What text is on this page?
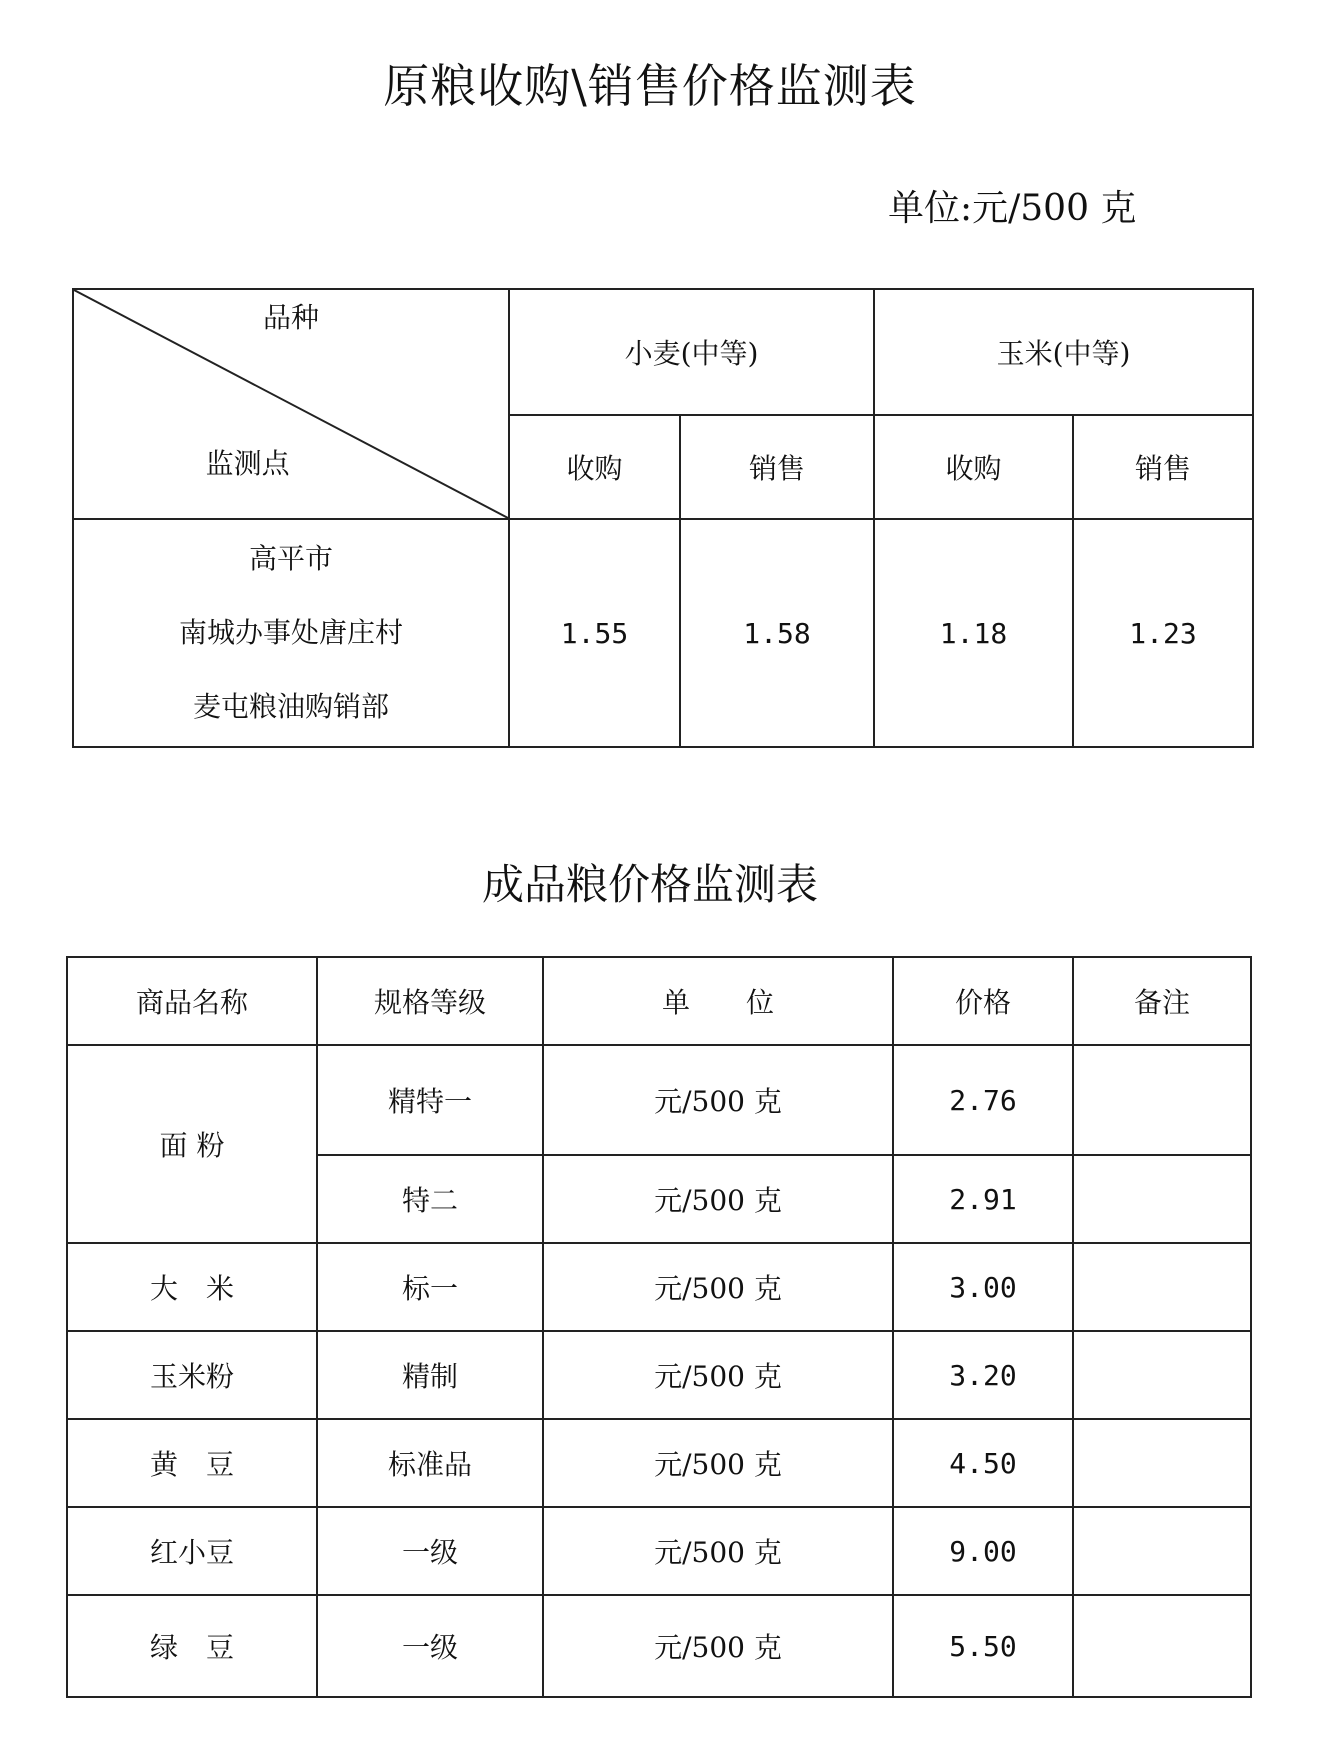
原粮收购\销售价格监测表
单位:元/500 克
品种
监测点	小麦(中等)		玉米(中等)	
	收购	销售	收购	销售

高平市
南城办事处唐庄村
麦屯粮油购销部	1.55	1.58	1.18	1.23
成品粮价格监测表
商品名称	规格等级	单　　位	价格	备注
面 粉	精特一	元/500 克	2.76	
	特二	元/500 克	2.91	
大　米	标一	元/500 克	3.00	
玉米粉	精制	元/500 克	3.20	
黄　豆	标准品	元/500 克	4.50	
红小豆	一级	元/500 克	9.00	
绿　豆	一级	元/500 克	5.50	
